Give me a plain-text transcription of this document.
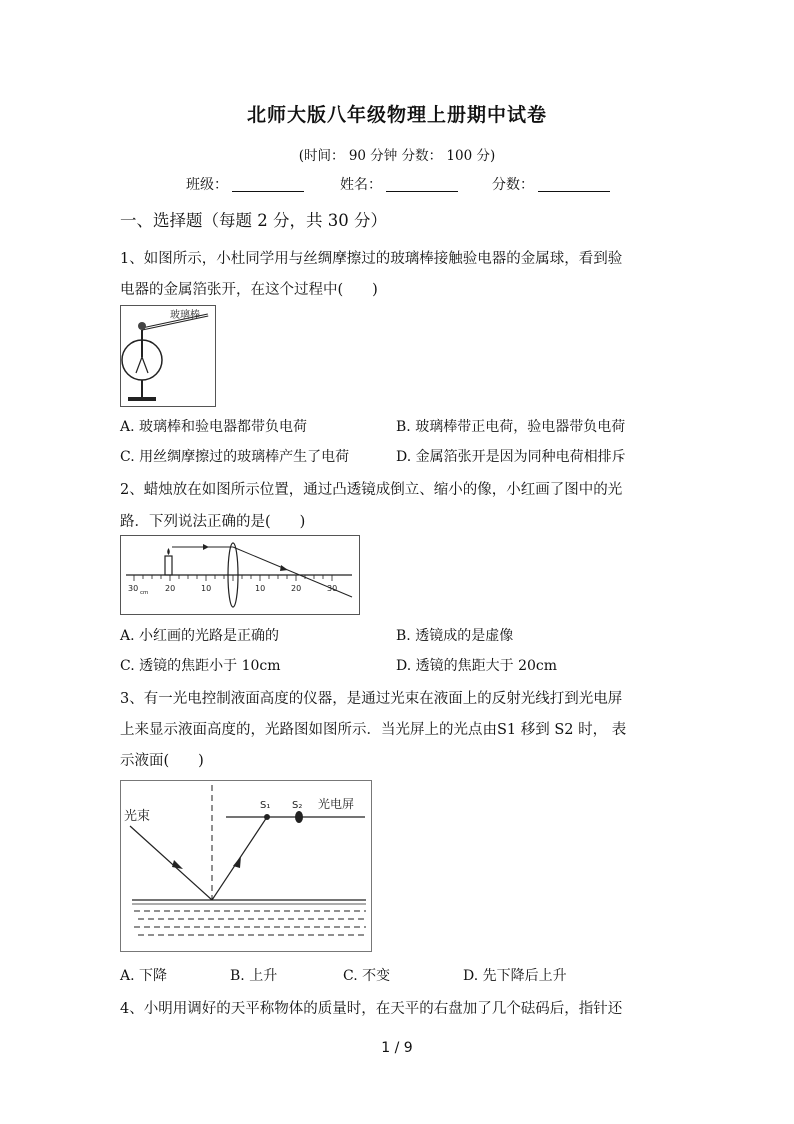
北师大版八年级物理上册期中试卷
(时间： 90 分钟 分数： 100 分)
班级：	姓名：	分数：
一、选择题（每题 2 分，共 30 分）
1、如图所示，小杜同学用与丝绸摩擦过的玻璃棒接触验电器的金属球，看到验
电器的金属箔张开，在这个过程中(　　)
玻璃棒
A. 玻璃棒和验电器都带负电荷	B. 玻璃棒带正电荷，验电器带负电荷
C. 用丝绸摩擦过的玻璃棒产生了电荷	D. 金属箔张开是因为同种电荷相排斥
2、蜡烛放在如图所示位置，通过凸透镜成倒立、缩小的像，小红画了图中的光
路．下列说法正确的是(　　)
30 cm 20	10	10	20	30
A. 小红画的光路是正确的	B. 透镜成的是虚像
C. 透镜的焦距小于 10cm	D. 透镜的焦距大于 20cm
3、有一光电控制液面高度的仪器，是通过光束在液面上的反射光线打到光电屏
上来显示液面高度的，光路图如图所示．当光屏上的光点由S1 移到 S2 时， 表
示液面(　　)
光束
S₁ S₂ 光电屏
A. 下降	B. 上升	C. 不变	D. 先下降后上升
4、小明用调好的天平称物体的质量时，在天平的右盘加了几个砝码后，指针还
1 / 9
